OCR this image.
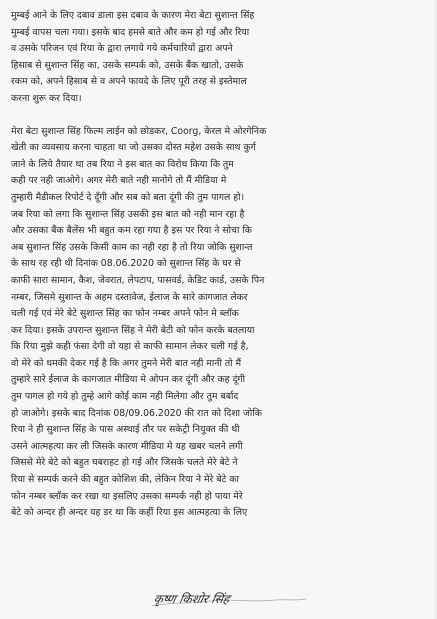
मुम्बई आने के लिए दबाव डाला इस दबाव के कारण मेरा बेटा सुशान्त सिंह
मुम्बई वापस चला गया। इसके बाद हमसे बाते और कम हो गई और रिया
व उसके परिजन एवं रिया के द्वारा लगाये गये कर्मचारियों द्वारा अपने
हिसाब से सुशान्त सिंह का, उसके सम्पर्क को, उसके बैंक खातो, उसके
रकम को, अपने हिसाब से व अपने फायदे के लिए पूरी तरह से इस्तेमाल
करना शुरू कर दिया।
मेरा बेटा सुशान्त सिंह फिल्म लाईन को छोडकर, Coorg, केरल मे ओरगेनिक
खेती का व्यवसाय करना चाहता था जो उसका दोस्त महेश उसके साथ कुर्ग
जाने के लिये तैयार था तब रिया ने इस बात का विरोध किया कि तुम
कही पर नही जाओगे। अगर मेरी बाते नही मानोगे तो मैं मीडिया मे
तुम्हारी मैडीकल रिपोर्ट दे दूँगी और सब को बता दूंगी की तुम पागल हो।
जब रिया को लगा कि सुशान्त सिंह उसकी इस बात को नही मान रहा है
और उसका बैंक बैलेंस भी बहुत कम रहा गया है इस पर रिया ने सोचा कि
अब सुशान्त सिंह उसके किसी काम का नही रहा है तो रिया जोकि सुशान्त
के साथ रह रही थी दिनांक 08.06.2020 को सुशान्त सिंह के घर से
काफी सारा सामान, कैश, जेवरात, लेपटाप, पासवर्ड, केडिट कार्ड, उसके पिन
नम्बर, जिसमे सुशान्त के अहम दस्तावेज, ईलाज के सारे कागजात लेकर
चली गई एवं मेरे बेटे सुशान्त सिंह का फोन नम्बर अपने फोन मे ब्लॉक
कर दिया। इसके उपरान्त सुशान्त सिंह ने मेरी बेटी को फोन करके बतलाया
कि रिया मुझे कही फंसा देगी वो यहा से काफी सामान लेकर चली गई है,
वो मेरे को धमकी देकर गई है कि अगर तुमने मेरी बात नही मानी तो मैं
तुम्हारे सारे ईलाज के कागजात मीडिया मे ओपन कर दूंगी और कह दूंगी
तुम पागल हो गये हो तुम्हे आगे कोई काम नही मिलेगा और तुम बर्बाद
हो जाओगे। इसके बाद दिनांक 08/09.06.2020 की रात को दिशा जोकि
रिया ने ही सुशान्त सिंह के पास अस्थाई तौर पर सकेट्री नियुक्त की थी
उसने आत्महत्या कर ली जिसके कारण मीडिया मे यह खबर चलने लगी
जिससे मेरे बेटे को बहुत घबराहट हो गई और जिसके चलते मेरे बेटे ने
रिया से सम्पर्क करने की बहुत कोशिश की, लेकिन रिया ने मेरे बेटे का
फोन नम्बर ब्लॉक कर रखा था इसलिए उसका सम्पर्क नही हो पाया मेरे
बेटे को अन्दर ही अन्दर यह डर था कि कहीं रिया इस आत्महत्या के लिए
कृष्ण किशोर सिंह
